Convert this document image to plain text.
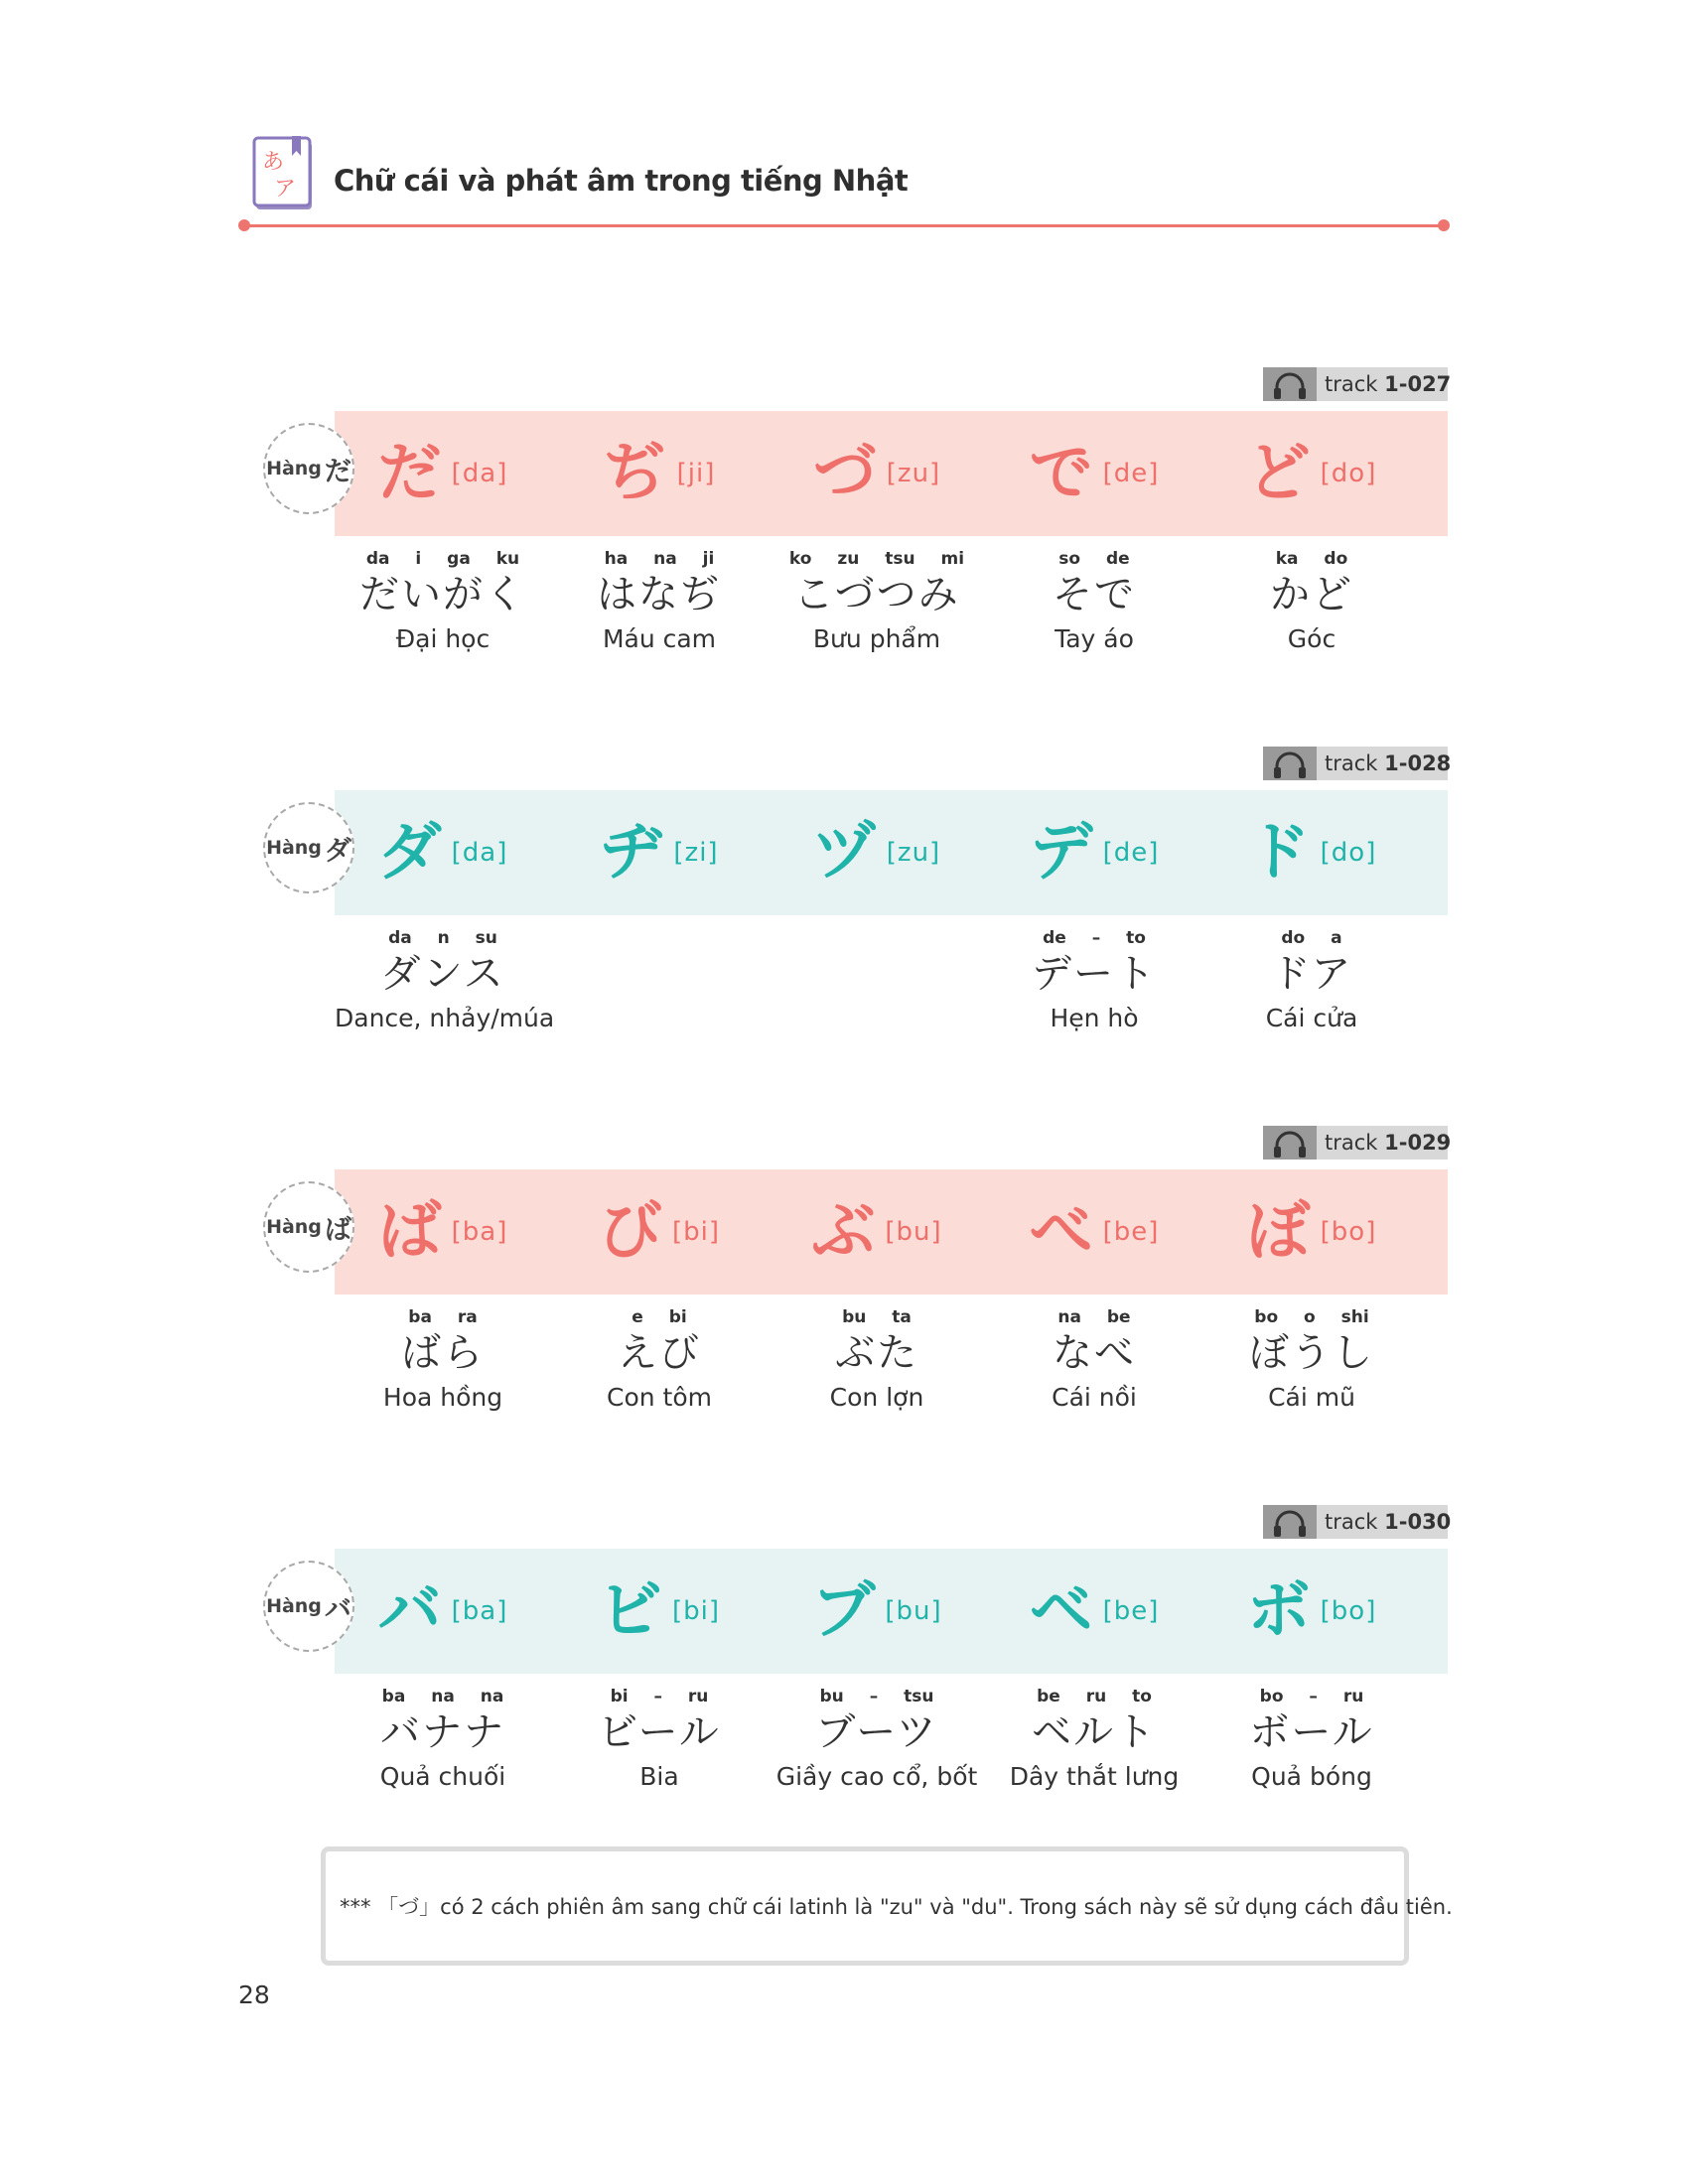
あ
ア Chữ cái và phát âm trong tiếng Nhật
track 1-027
Hàng だ だ [da] ぢ [ji] づ [zu] で [de] ど [do]
da i ga ku
だいがく
Đại học
ha na ji
はなぢ
Máu cam
ko zu tsu mi
こづつみ
Bưu phẩm
so de
そで
Tay áo
ka do
かど
Góc
track 1-028
Hàng ダ ダ [da] ヂ [zi] ヅ [zu] デ [de] ド [do]
da n su
ダンス
Dance, nhảy/múa
de – to
デート
Hẹn hò
do a
ドア
Cái cửa
track 1-029
Hàng ば ば [ba] び [bi] ぶ [bu] べ [be] ぼ [bo]
ba ra
ばら
Hoa hồng
e bi
えび
Con tôm
bu ta
ぶた
Con lợn
na be
なべ
Cái nồi
bo o shi
ぼうし
Cái mũ
track 1-030
Hàng バ バ [ba] ビ [bi] ブ [bu] ベ [be] ボ [bo]
ba na na
バナナ
Quả chuối
bi – ru
ビール
Bia
bu – tsu
ブーツ
Giầy cao cổ, bốt
be ru to
ベルト
Dây thắt lưng
bo – ru
ボール
Quả bóng
*** 「づ」có 2 cách phiên âm sang chữ cái latinh là "zu" và "du". Trong sách này sẽ sử dụng cách đầu tiên.
28
